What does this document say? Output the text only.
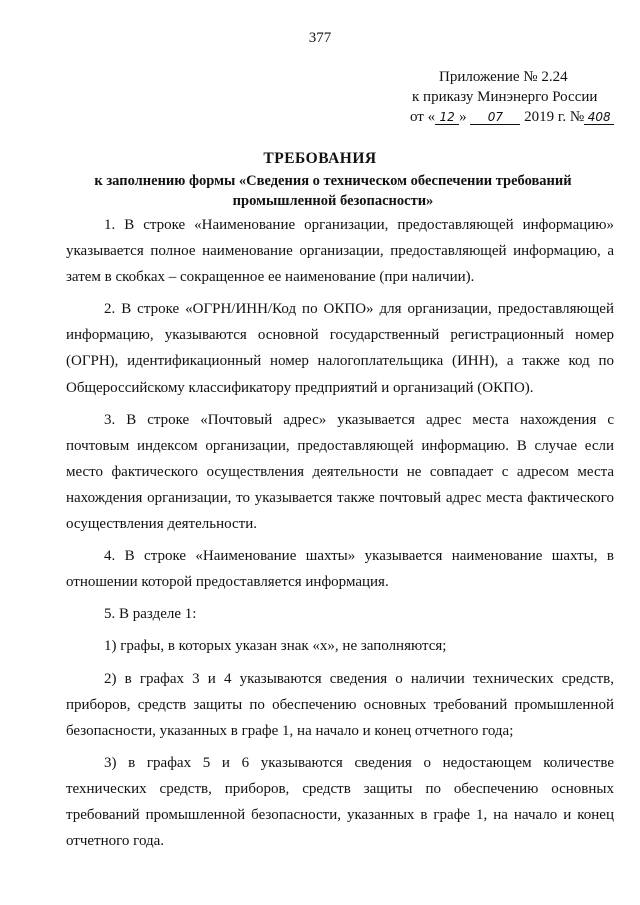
377
Приложение № 2.24
к приказу Минэнерго России
от « 12 » 07 2019 г. № 408
ТРЕБОВАНИЯ
к заполнению формы «Сведения о техническом обеспечении требований промышленной безопасности»

1. В строке «Наименование организации, предоставляющей информацию» указывается полное наименование организации, предоставляющей информацию, а затем в скобках – сокращенное ее наименование (при наличии).

2. В строке «ОГРН/ИНН/Код по ОКПО» для организации, предоставляющей информацию, указываются основной государственный регистрационный номер (ОГРН), идентификационный номер налогоплательщика (ИНН), а также код по Общероссийскому классификатору предприятий и организаций (ОКПО).

3. В строке «Почтовый адрес» указывается адрес места нахождения с почтовым индексом организации, предоставляющей информацию. В случае если место фактического осуществления деятельности не совпадает с адресом места нахождения организации, то указывается также почтовый адрес места фактического осуществления деятельности.

4. В строке «Наименование шахты» указывается наименование шахты, в отношении которой предоставляется информация.

5. В разделе 1:

1) графы, в которых указан знак «х», не заполняются;

2) в графах 3 и 4 указываются сведения о наличии технических средств, приборов, средств защиты по обеспечению основных требований промышленной безопасности, указанных в графе 1, на начало и конец отчетного года;

3) в графах 5 и 6 указываются сведения о недостающем количестве технических средств, приборов, средств защиты по обеспечению основных требований промышленной безопасности, указанных в графе 1, на начало и конец отчетного года.
